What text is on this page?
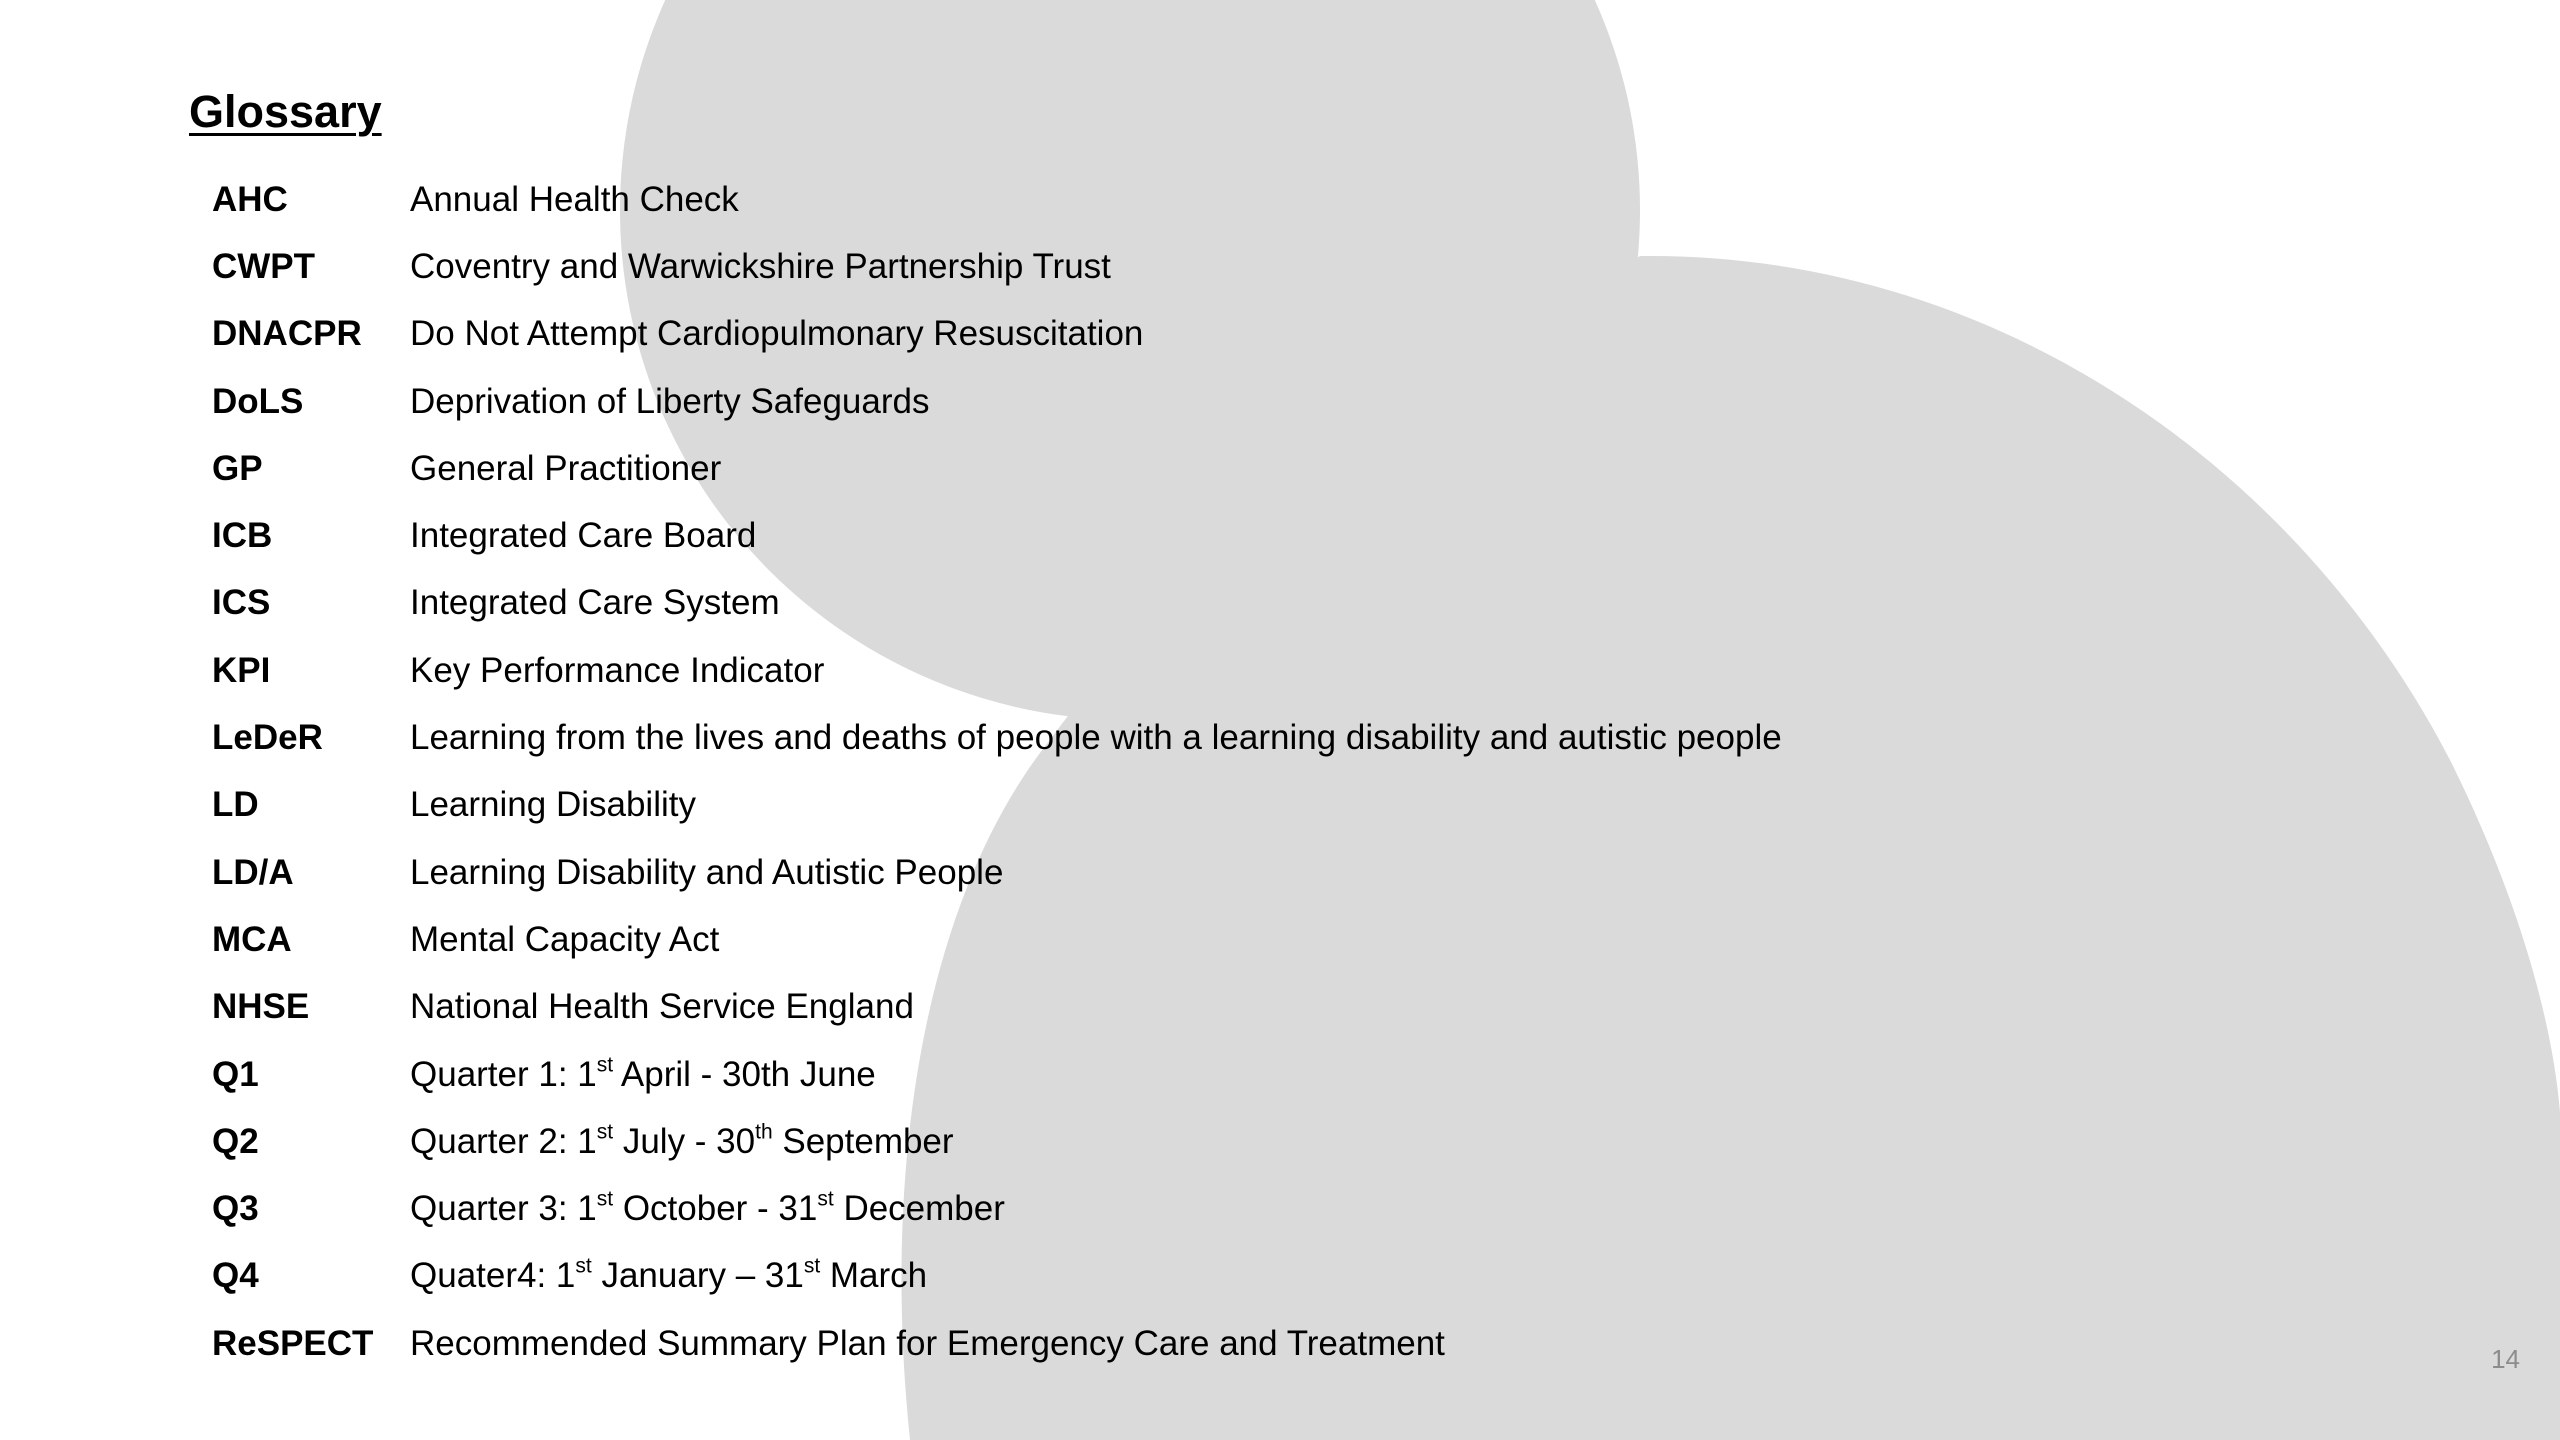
Glossary
AHC	Annual Health Check
CWPT	Coventry and Warwickshire Partnership Trust
DNACPR	Do Not Attempt Cardiopulmonary Resuscitation
DoLS	Deprivation of Liberty Safeguards
GP	General Practitioner
ICB	Integrated Care Board
ICS	Integrated Care System
KPI	Key Performance Indicator
LeDeR	Learning from the lives and deaths of people with a learning disability and autistic people
LD	Learning Disability
LD/A	Learning Disability and Autistic People
MCA	Mental Capacity Act
NHSE	National Health Service England
Q1	Quarter 1: 1st April - 30th June
Q2	Quarter 2: 1st July - 30th September
Q3	Quarter 3: 1st October - 31st December
Q4	Quater4: 1st January – 31st March
ReSPECT	Recommended Summary Plan for Emergency Care and Treatment	14
